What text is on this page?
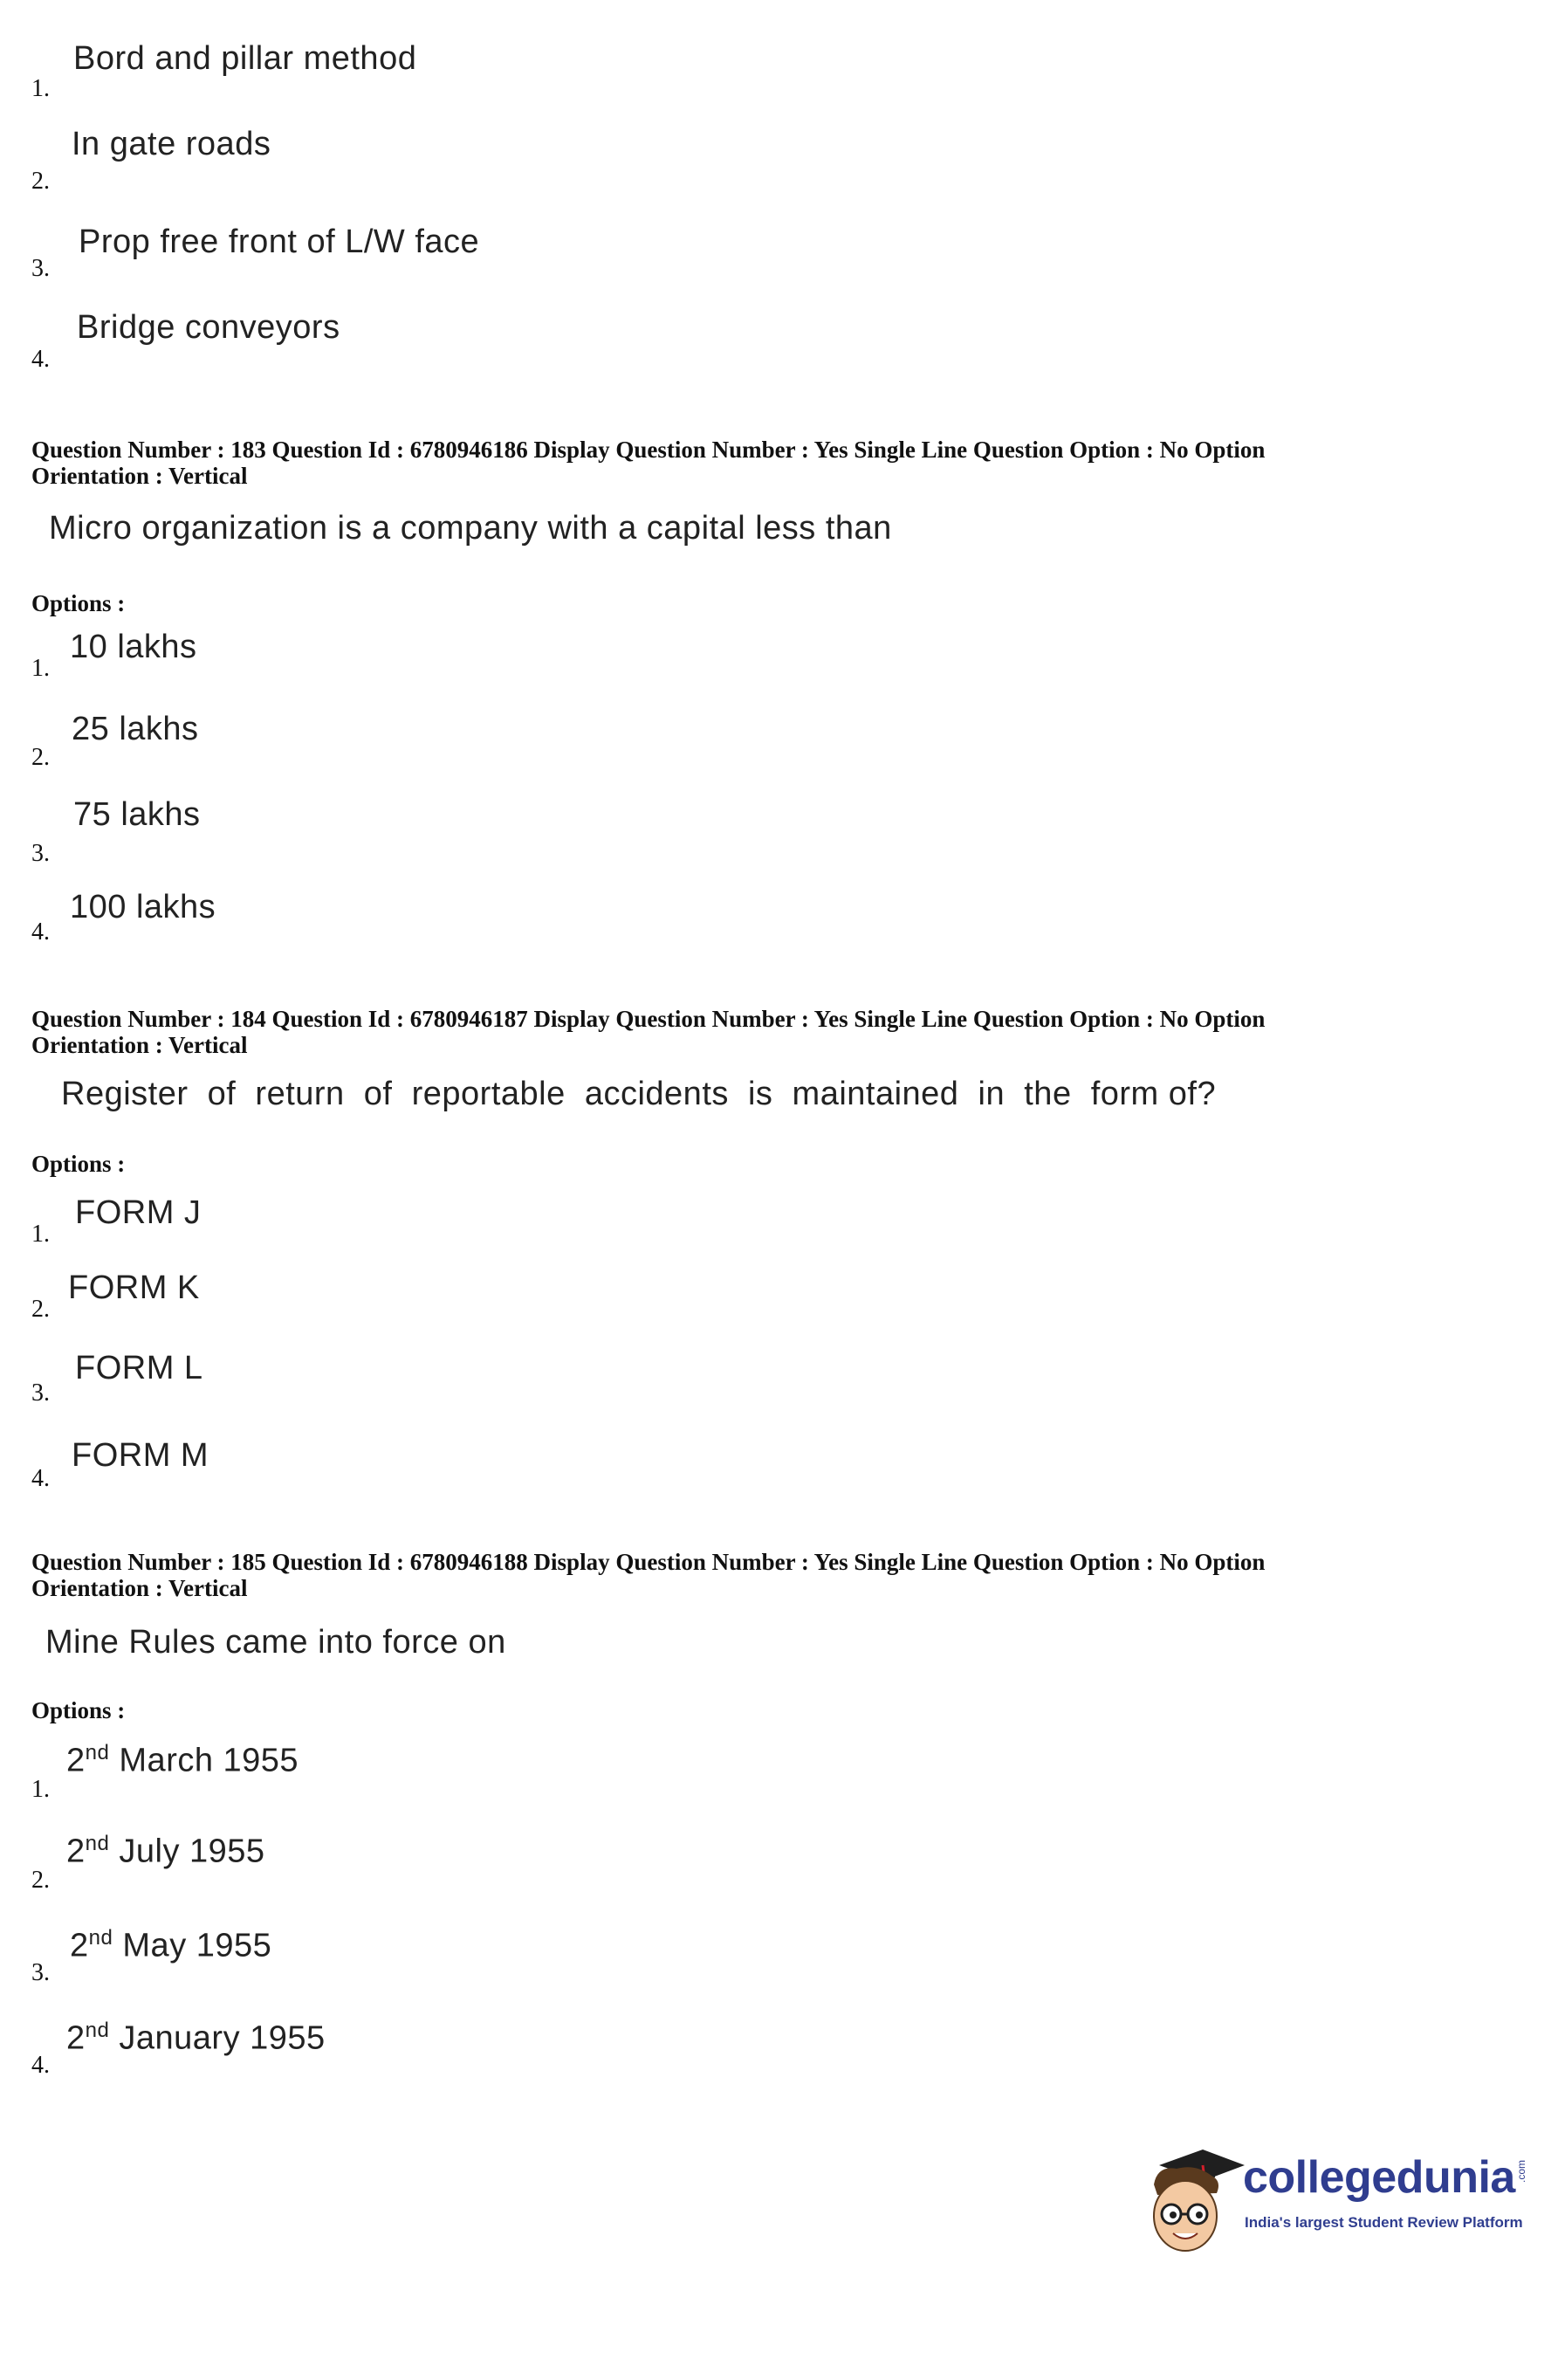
1.
Bord and pillar method
2.
In gate roads
3.
Prop free front of L/W face
4.
Bridge conveyors
Question Number : 183 Question Id : 6780946186 Display Question Number : Yes Single Line Question Option : No Option
Orientation : Vertical
Micro organization is a company with a capital less than
Options :
1.
10 lakhs
2.
25 lakhs
3.
75 lakhs
4.
100 lakhs
Question Number : 184 Question Id : 6780946187 Display Question Number : Yes Single Line Question Option : No Option
Orientation : Vertical
Register  of  return  of  reportable  accidents  is  maintained  in  the  form of?
Options :
1.
FORM J
2.
FORM K
3.
FORM L
4.
FORM M
Question Number : 185 Question Id : 6780946188 Display Question Number : Yes Single Line Question Option : No Option
Orientation : Vertical
Mine Rules came into force on
Options :
1.
2nd March 1955
2.
2nd July 1955
3.
2nd May 1955
4.
2nd January 1955
collegedunia .com
India's largest Student Review Platform
